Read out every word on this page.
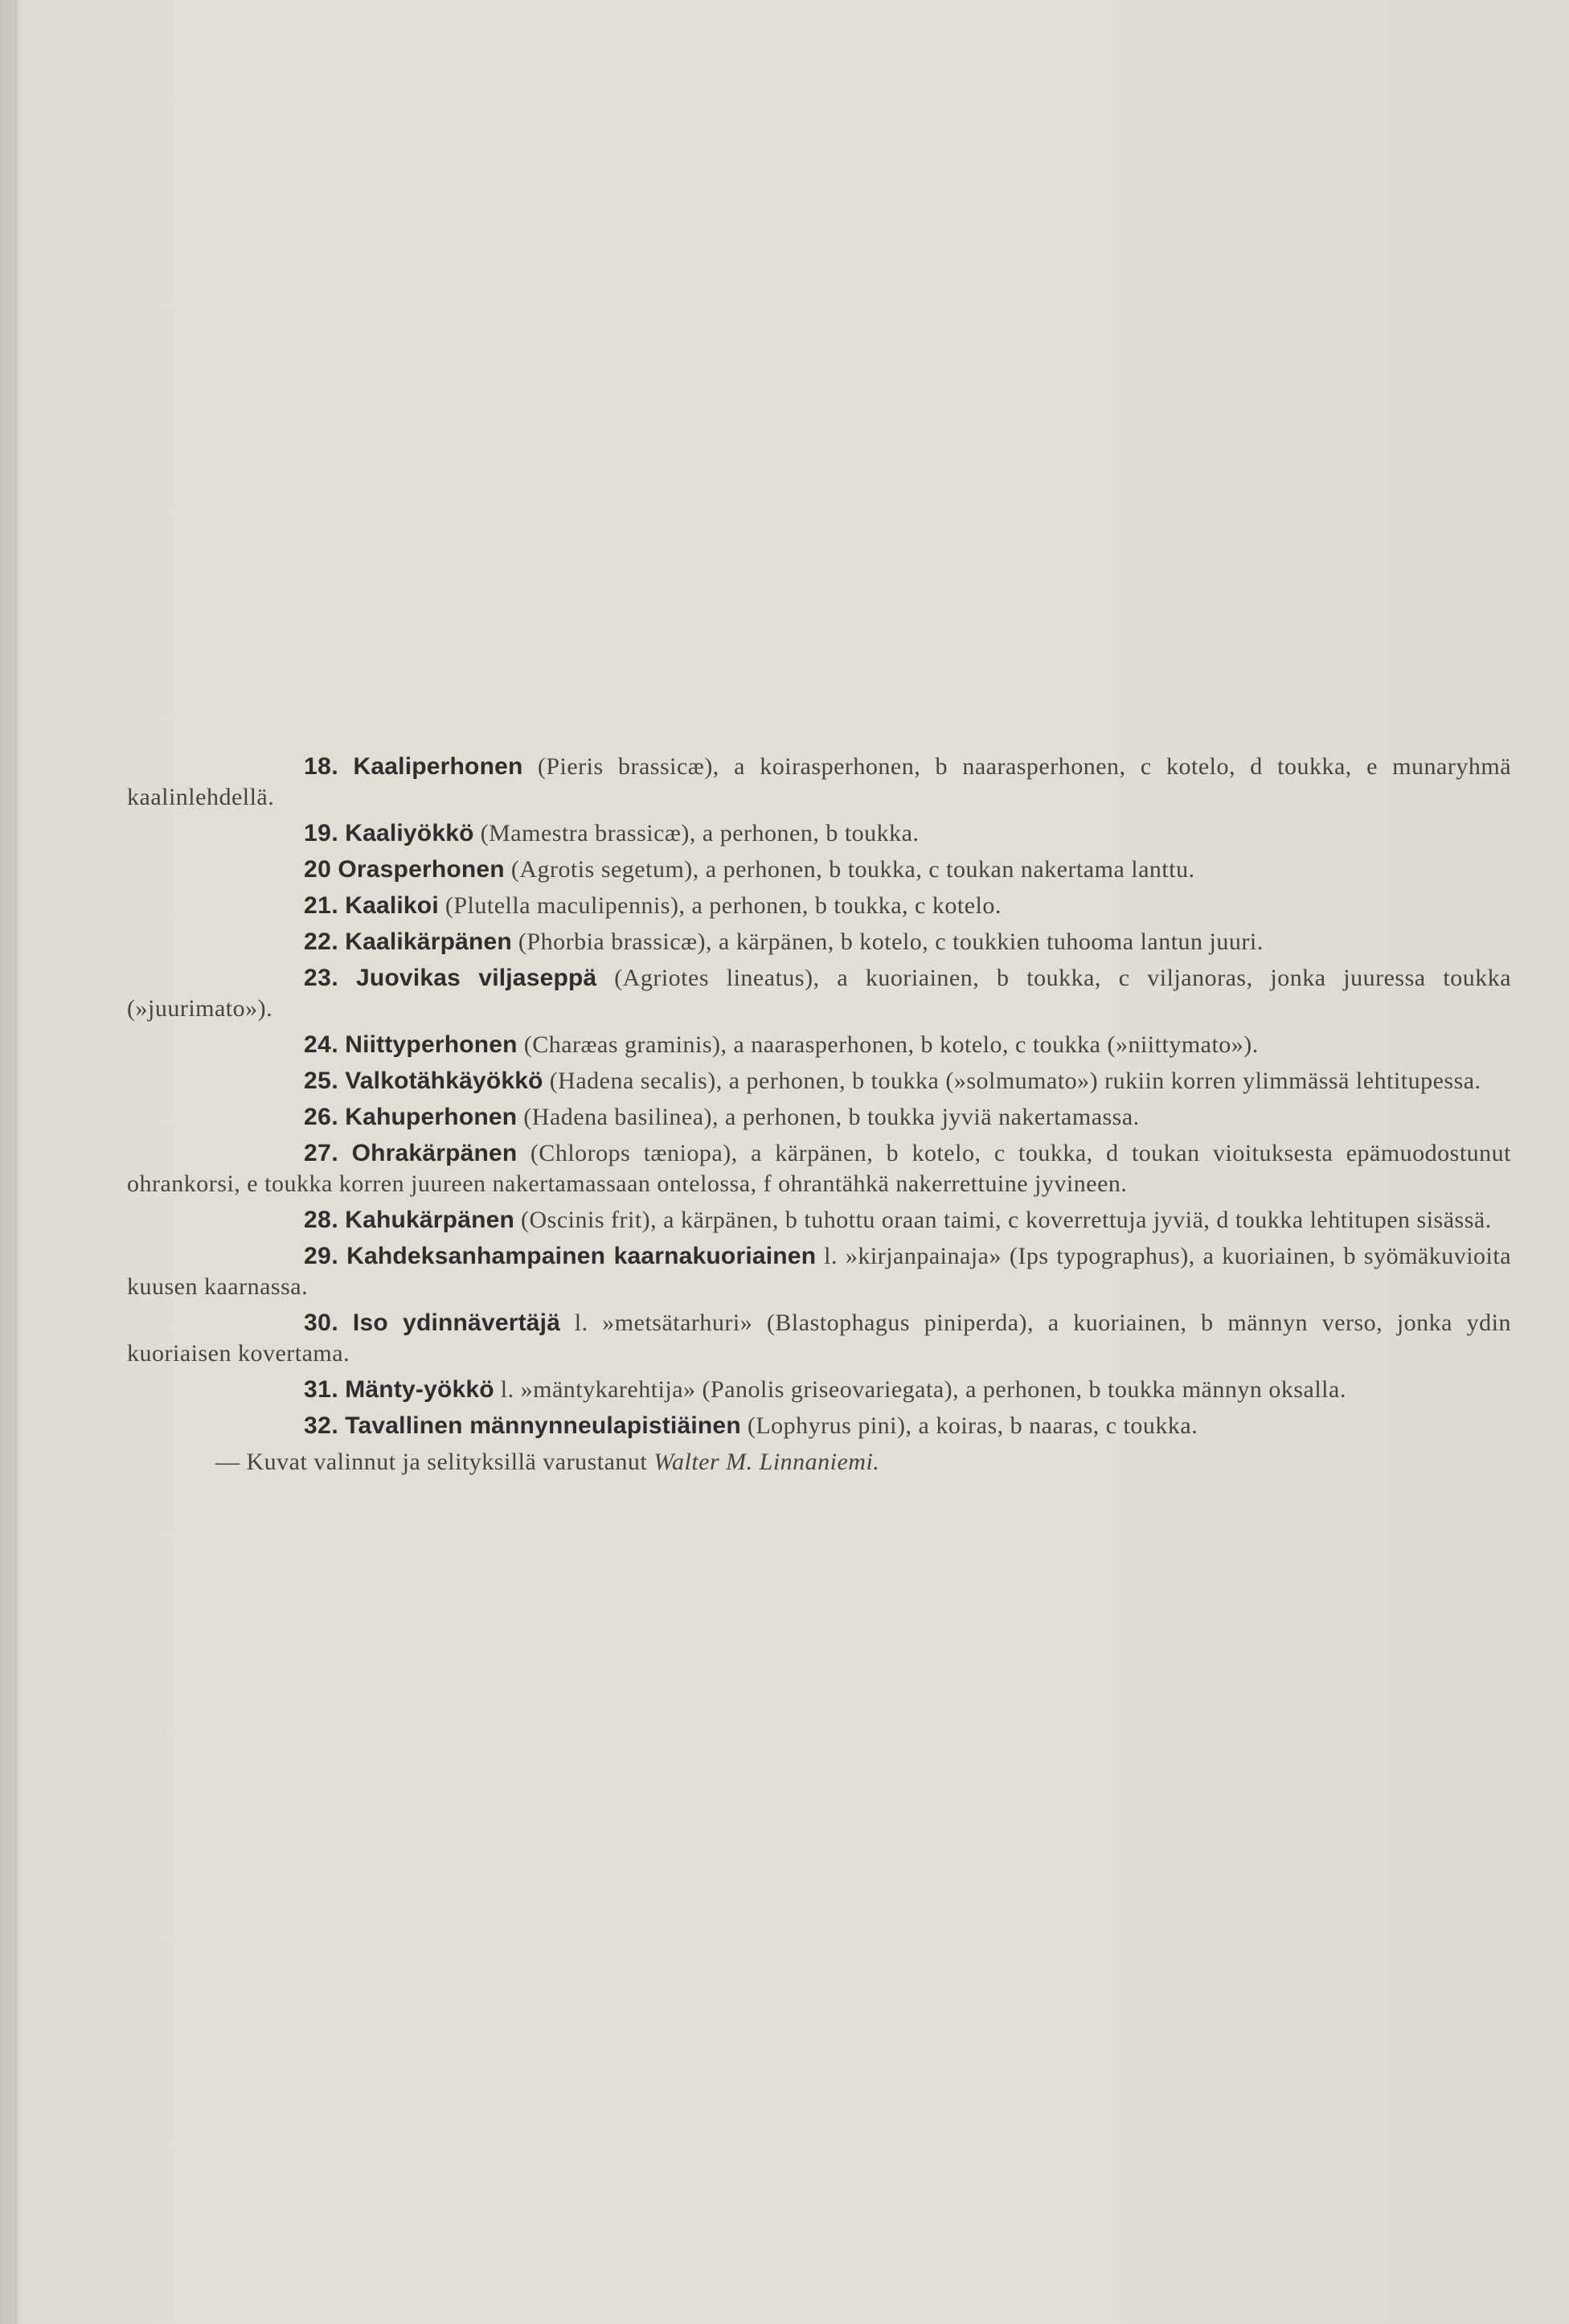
18. Kaaliperhonen (Pieris brassicæ), a koirasperhonen, b naarasperhonen, c kotelo, d toukka, e munaryhmä kaalinlehdellä.

19. Kaaliyökkö (Mamestra brassicæ), a perhonen, b toukka.

20 Orasperhonen (Agrotis segetum), a perhonen, b toukka, c toukan nakertama lanttu.

21. Kaalikoi (Plutella maculipennis), a perhonen, b toukka, c kotelo.

22. Kaalikärpänen (Phorbia brassicæ), a kärpänen, b kotelo, c toukkien tuhooma lantun juuri.

23. Juovikas viljaseppä (Agriotes lineatus), a kuoriainen, b toukka, c viljanoras, jonka juuressa toukka (»juurimato»).

24. Niittyperhonen (Charæas graminis), a naarasperhonen, b kotelo, c toukka (»niittymato»).

25. Valkotähkäyökkö (Hadena secalis), a perhonen, b toukka (»solmumato») rukiin korren ylimmässä lehtitupessa.

26. Kahuperhonen (Hadena basilinea), a perhonen, b toukka jyviä nakertamassa.

27. Ohrakärpänen (Chlorops tæniopa), a kärpänen, b kotelo, c toukka, d toukan vioituksesta epämuodostunut ohrankorsi, e toukka korren juureen nakertamassaan ontelossa, f ohrantähkä nakerrettuine jyvineen.

28. Kahukärpänen (Oscinis frit), a kärpänen, b tuhottu oraan taimi, c koverrettuja jyviä, d toukka lehtitupen sisässä.

29. Kahdeksanhampainen kaarnakuoriainen l. »kirjanpainaja» (Ips typographus), a kuoriainen, b syömäkuvioita kuusen kaarnassa.

30. Iso ydinnävertäjä l. »metsätarhuri» (Blastophagus piniperda), a kuoriainen, b männyn verso, jonka ydin kuoriaisen kovertama.

31. Mänty-yökkö l. »mäntykarehtija» (Panolis griseovariegata), a perhonen, b toukka männyn oksalla.

32. Tavallinen männynneulapistiäinen (Lophyrus pini), a koiras, b naaras, c toukka.

— Kuvat valinnut ja selityksillä varustanut Walter M. Linnaniemi.
